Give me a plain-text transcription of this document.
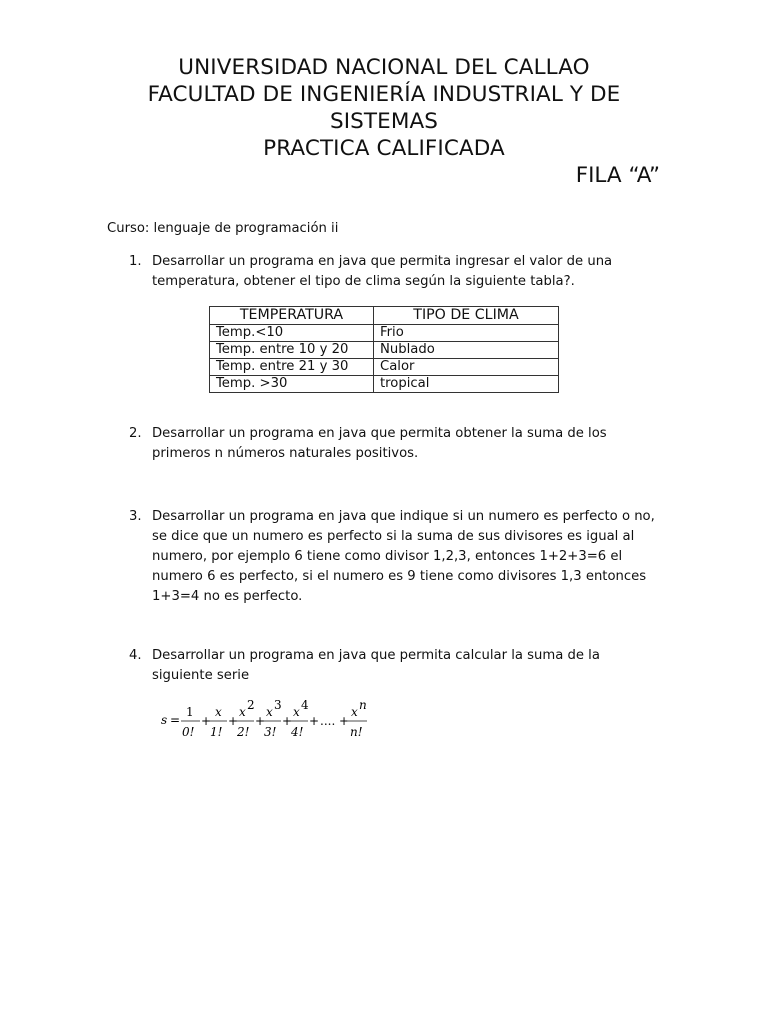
UNIVERSIDAD NACIONAL DEL CALLAO
FACULTAD DE INGENIERÍA INDUSTRIAL Y DE
SISTEMAS
PRACTICA CALIFICADA
FILA “A”
Curso: lenguaje de programación ii
1. Desarrollar un programa en java que permita ingresar el valor de una temperatura, obtener el tipo de clima según la siguiente tabla?.
TEMPERATURA	TIPO DE CLIMA
Temp.<10	Frio
Temp. entre 10 y 20	Nublado
Temp. entre 21 y 30	Calor
Temp. >30	tropical
2. Desarrollar un programa en java que permita obtener la suma de los primeros n números naturales positivos.
3. Desarrollar un programa en java que indique si un numero es perfecto o no, se dice que un numero es perfecto si la suma de sus divisores es igual al numero, por ejemplo 6 tiene como divisor 1,2,3, entonces 1+2+3=6 el numero 6 es perfecto, si el numero es 9 tiene como divisores 1,3 entonces 1+3=4 no es perfecto.
4. Desarrollar un programa en java que permita calcular la suma de la siguiente serie
s =
1
0!
+
x
1!
+
x 2
2!
+
x 3
3!
+
x 4
4!
+ .... +
x n
n!
